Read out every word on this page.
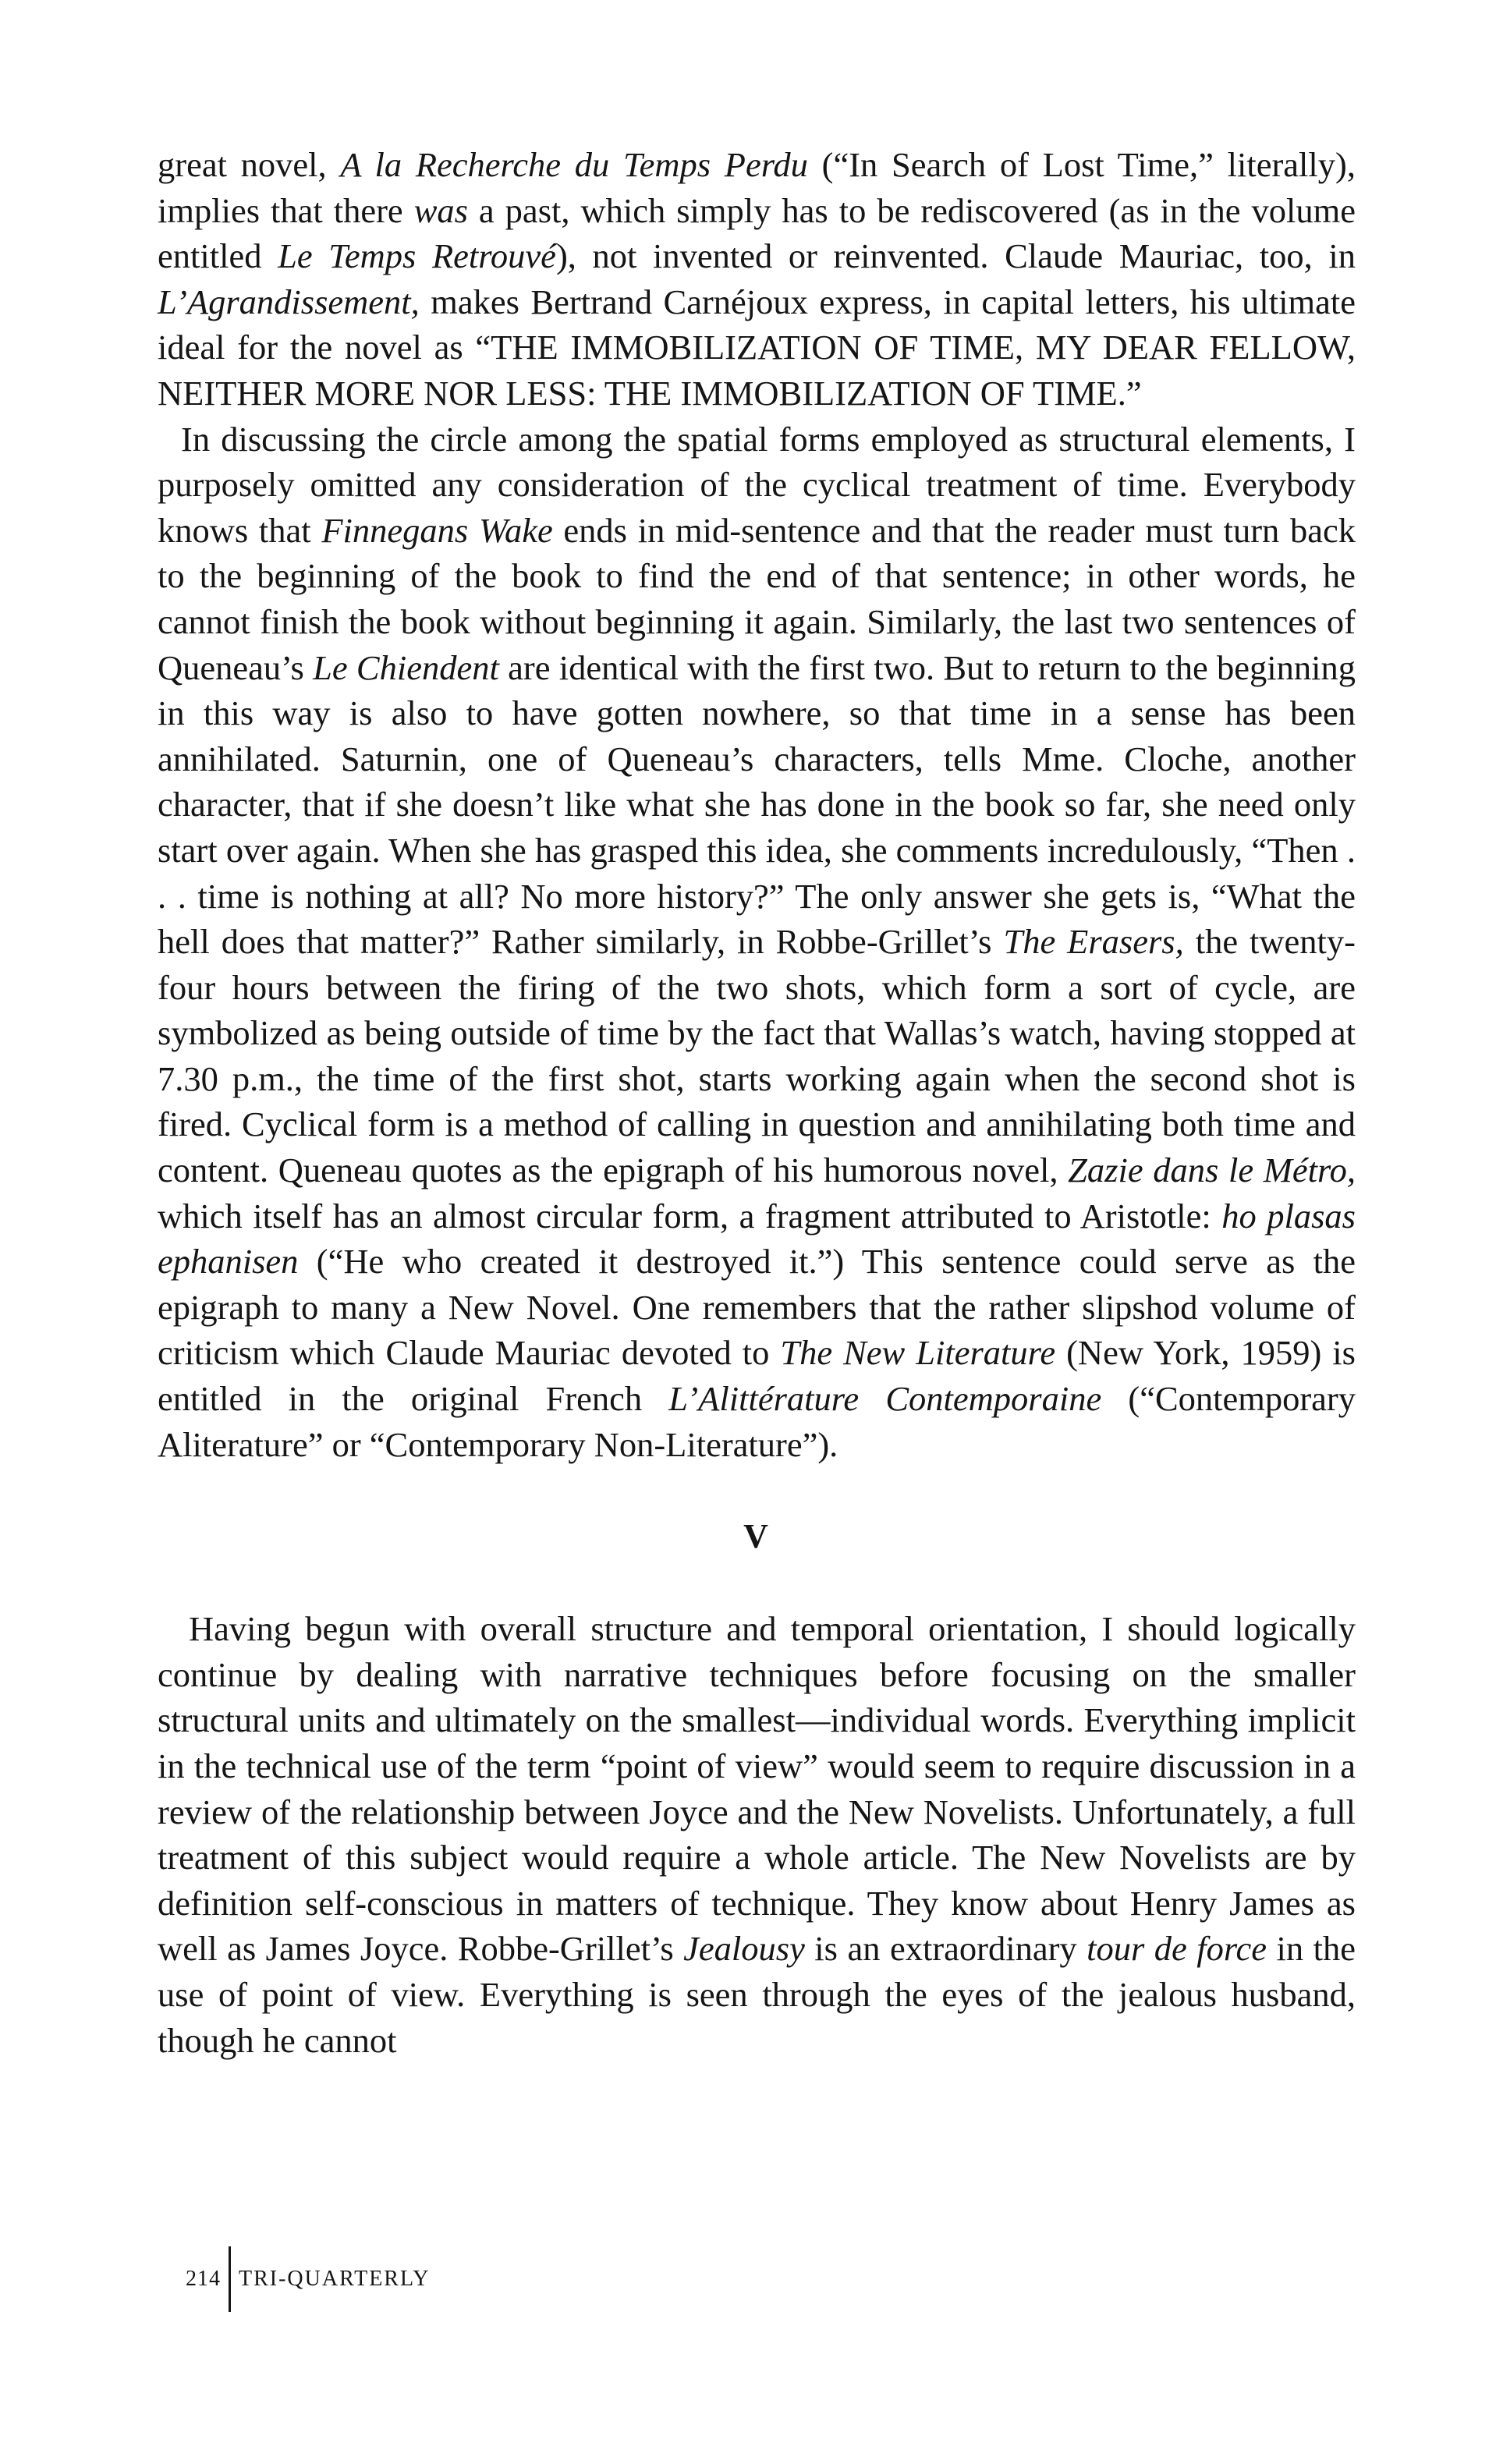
great novel, A la Recherche du Temps Perdu (“In Search of Lost Time,” literally), implies that there was a past, which simply has to be rediscovered (as in the volume entitled Le Temps Retrouvé), not invented or reinvented. Claude Mauriac, too, in L’Agrandissement, makes Bertrand Carnéjoux express, in capital letters, his ultimate ideal for the novel as “THE IMMOBILIZATION OF TIME, MY DEAR FELLOW, NEITHER MORE NOR LESS: THE IMMOBILIZATION OF TIME.”

In discussing the circle among the spatial forms employed as structural elements, I purposely omitted any consideration of the cyclical treatment of time. Everybody knows that Finnegans Wake ends in mid-sentence and that the reader must turn back to the beginning of the book to find the end of that sentence; in other words, he cannot finish the book without beginning it again. Similarly, the last two sentences of Queneau’s Le Chiendent are identical with the first two. But to return to the beginning in this way is also to have gotten nowhere, so that time in a sense has been annihilated. Saturnin, one of Queneau’s characters, tells Mme. Cloche, another character, that if she doesn’t like what she has done in the book so far, she need only start over again. When she has grasped this idea, she comments incredulously, “Then . . . time is nothing at all? No more history?” The only answer she gets is, “What the hell does that matter?” Rather similarly, in Robbe-Grillet’s The Erasers, the twenty-four hours between the firing of the two shots, which form a sort of cycle, are symbolized as being outside of time by the fact that Wallas’s watch, having stopped at 7.30 p.m., the time of the first shot, starts working again when the second shot is fired. Cyclical form is a method of calling in question and annihilating both time and content. Queneau quotes as the epigraph of his humorous novel, Zazie dans le Métro, which itself has an almost circular form, a fragment attributed to Aristotle: ho plasas ephanisen (“He who created it destroyed it.”) This sentence could serve as the epigraph to many a New Novel. One remembers that the rather slipshod volume of criticism which Claude Mauriac devoted to The New Literature (New York, 1959) is entitled in the original French L’Alittérature Contemporaine (“Contemporary Aliterature” or “Contemporary Non-Literature”).

V

Having begun with overall structure and temporal orientation, I should logically continue by dealing with narrative techniques before focusing on the smaller structural units and ultimately on the smallest—individual words. Everything implicit in the technical use of the term “point of view” would seem to require discussion in a review of the relationship between Joyce and the New Novelists. Unfortunately, a full treatment of this subject would require a whole article. The New Novelists are by definition self-conscious in matters of technique. They know about Henry James as well as James Joyce. Robbe-Grillet’s Jealousy is an extraordinary tour de force in the use of point of view. Everything is seen through the eyes of the jealous husband, though he cannot

214 TRI-QUARTERLY
